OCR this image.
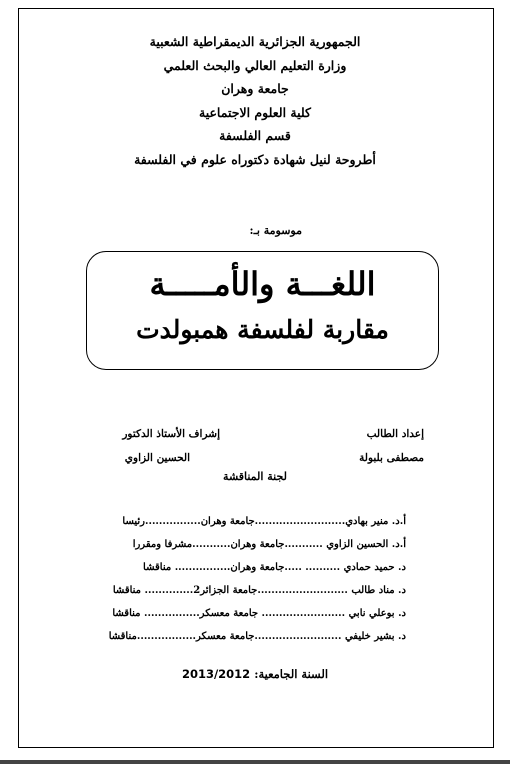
الجمهورية الجزائرية الديمقراطية الشعبية
وزارة التعليم العالي والبحث العلمي
جامعة وهران
كلية العلوم الاجتماعية
قسم الفلسفة
أطروحة لنيل شهادة دكتوراه علوم في الفلسفة
موسومة بـ:
اللغـــة والأمـــــة
مقاربة لفلسفة همبولدت
إعداد الطالب
مصطفى بلبولة
إشراف الأستاذ الدكتور
الحسين الزاوي
لجنة المناقشة
أ.د. منير بهادي..........................جامعة وهران................رئيسا
أ.د. الحسين الزاوي ...........جامعة وهران...........مشرفا ومقررا
د. حميد حمادي .......... .....جامعة وهران................ مناقشا
د. مناد طالب ..........................جامعة الجزائر2.............. مناقشا
د. بوعلي نابي ........................ جامعة معسكر................ مناقشا
د. بشير خليفي .........................جامعة معسكر.................مناقشا
السنة الجامعية: 2013/2012
